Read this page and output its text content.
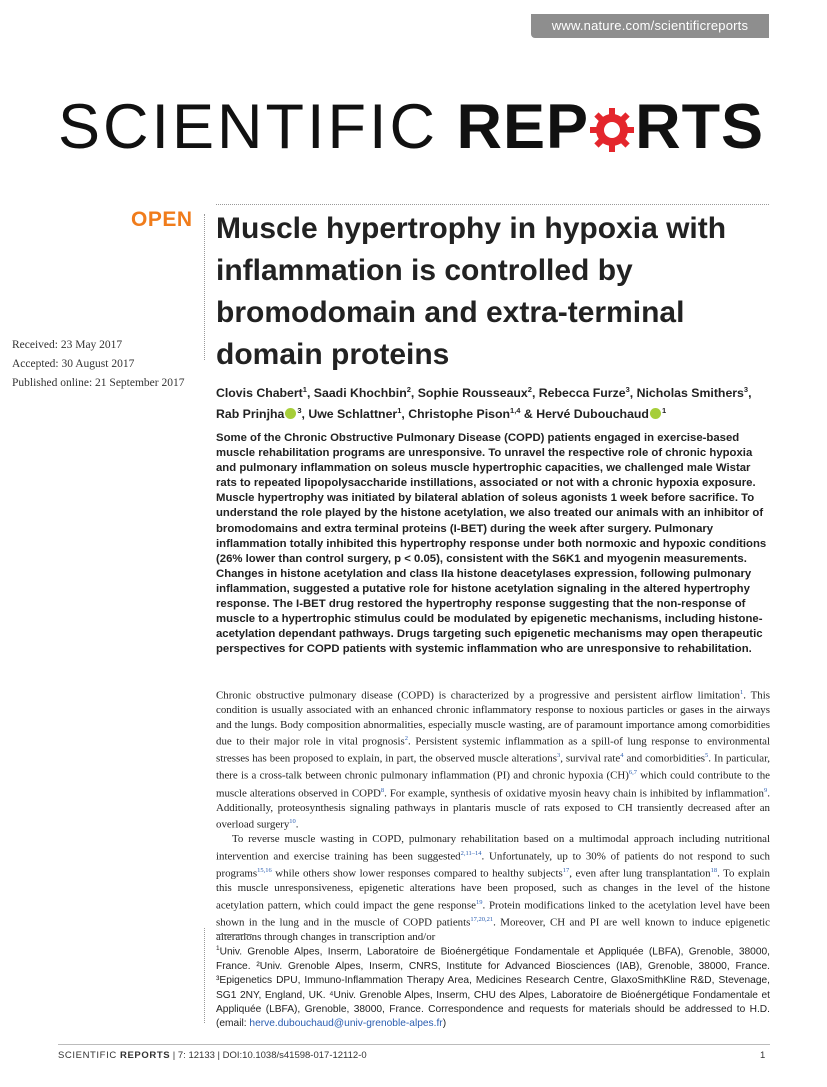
www.nature.com/scientificreports
SCIENTIFIC REP RTS
OPEN Muscle hypertrophy in hypoxia with inflammation is controlled by bromodomain and extra-terminal domain proteins
Received: 23 May 2017
Accepted: 30 August 2017
Published online: 21 September 2017

Clovis Chabert$^1$, Saadi Khochbin$^2$, Sophie Rousseaux$^2$, Rebecca Furze$^3$, Nicholas Smithers$^3$, Rab Prinjha $^3$, Uwe Schlattner$^1$, Christophe Pison$^{1,4}$ & Hervé Dubouchaud $^1$

Some of the Chronic Obstructive Pulmonary Disease (COPD) patients engaged in exercise-based muscle rehabilitation programs are unresponsive. To unravel the respective role of chronic hypoxia and pulmonary inflammation on soleus muscle hypertrophic capacities, we challenged male Wistar rats to repeated lipopolysaccharide instillations, associated or not with a chronic hypoxia exposure. Muscle hypertrophy was initiated by bilateral ablation of soleus agonists 1 week before sacrifice. To understand the role played by the histone acetylation, we also treated our animals with an inhibitor of bromodomains and extra terminal proteins (I-BET) during the week after surgery. Pulmonary inflammation totally inhibited this hypertrophy response under both normoxic and hypoxic conditions (26% lower than control surgery, p < 0.05), consistent with the S6K1 and myogenin measurements. Changes in histone acetylation and class IIa histone deacetylases expression, following pulmonary inflammation, suggested a putative role for histone acetylation signaling in the altered hypertrophy response. The I-BET drug restored the hypertrophy response suggesting that the non-response of muscle to a hypertrophic stimulus could be modulated by epigenetic mechanisms, including histone-acetylation dependant pathways. Drugs targeting such epigenetic mechanisms may open therapeutic perspectives for COPD patients with systemic inflammation who are unresponsive to rehabilitation.

Chronic obstructive pulmonary disease (COPD) is characterized by a progressive and persistent airflow limitation$^1$. This condition is usually associated with an enhanced chronic inflammatory response to noxious particles or gases in the airways and the lungs. Body composition abnormalities, especially muscle wasting, are of paramount importance among comorbidities due to their major role in vital prognosis$^2$. Persistent systemic inflammation as a spill-of lung response to environmental stresses has been proposed to explain, in part, the observed muscle alterations$^3$, survival rate$^4$ and comorbidities$^5$. In particular, there is a cross-talk between chronic pulmonary inflammation (PI) and chronic hypoxia (CH)$^{6,7}$ which could contribute to the muscle alterations observed in COPD$^8$. For example, synthesis of oxidative myosin heavy chain is inhibited by inflammation$^9$. Additionally, proteosynthesis signaling pathways in plantaris muscle of rats exposed to CH transiently decreased after an overload surgery$^{10}$.

To reverse muscle wasting in COPD, pulmonary rehabilitation based on a multimodal approach including nutritional intervention and exercise training has been suggested$^{2,11-14}$. Unfortunately, up to 30% of patients do not respond to such programs$^{15,16}$ while others show lower responses compared to healthy subjects$^{17}$, even after lung transplantation$^{18}$. To explain this muscle unresponsiveness, epigenetic alterations have been proposed, such as changes in the level of the histone acetylation pattern, which could impact the gene response$^{19}$. Protein modifications linked to the acetylation level have been shown in the lung and in the muscle of COPD patients$^{17,20,21}$. Moreover, CH and PI are well known to induce epigenetic alterations through changes in transcription and/or

$^1$Univ. Grenoble Alpes, Inserm, Laboratoire de Bioénergétique Fondamentale et Appliquée (LBFA), Grenoble, 38000, France. ²Univ. Grenoble Alpes, Inserm, CNRS, Institute for Advanced Biosciences (IAB), Grenoble, 38000, France. ³Epigenetics DPU, Immuno-Inflammation Therapy Area, Medicines Research Centre, GlaxoSmithKline R&D, Stevenage, SG1 2NY, England, UK. ⁴Univ. Grenoble Alpes, Inserm, CHU des Alpes, Laboratoire de Bioénergétique Fondamentale et Appliquée (LBFA), Grenoble, 38000, France. Correspondence and requests for materials should be addressed to H.D. (email: herve.dubouchaud@univ-grenoble-alpes.fr)
SCIENTIFIC REPORTS | 7: 12133 | DOI:10.1038/s41598-017-12112-0	1
